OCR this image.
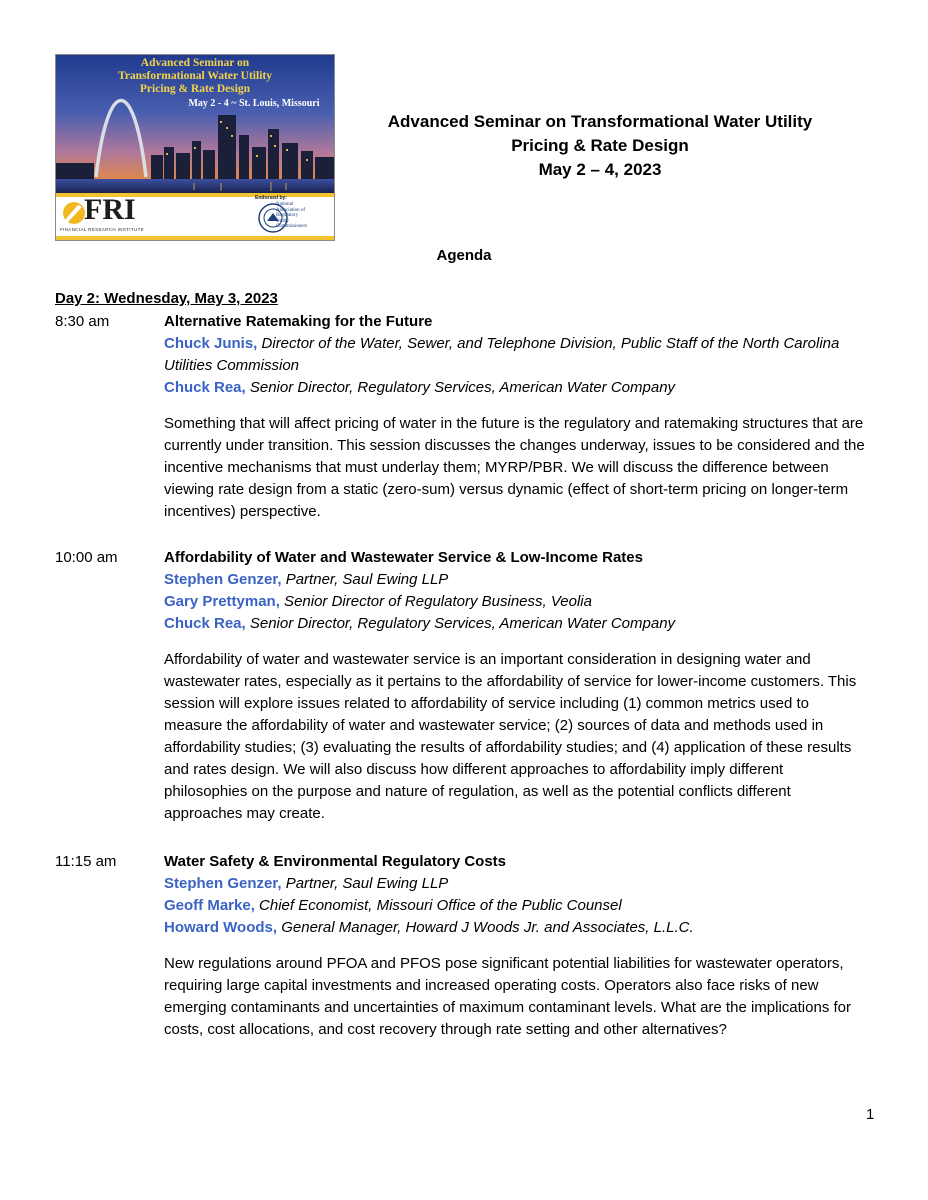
Advanced Seminar on
Transformational Water Utility
Pricing & Rate Design
May 2 - 4 ~ St. Louis, Missouri
FRI
FINANCIAL RESEARCH INSTITUTE
Endorsed by:
National
Association of
Regulatory
Utility
Commissioners
Advanced Seminar on Transformational Water Utility
Pricing & Rate Design
May 2 – 4, 2023
Agenda
Day 2: Wednesday, May 3, 2023
8:30 am	Alternative Ratemaking for the Future
Chuck Junis, Director of the Water, Sewer, and Telephone Division, Public Staff of the North Carolina Utilities Commission
Chuck Rea, Senior Director, Regulatory Services, American Water Company
Something that will affect pricing of water in the future is the regulatory and ratemaking structures that are currently under transition. This session discusses the changes underway, issues to be considered and the incentive mechanisms that must underlay them; MYRP/PBR. We will discuss the difference between viewing rate design from a static (zero-sum) versus dynamic (effect of short-term pricing on longer-term incentives) perspective.
10:00 am	Affordability of Water and Wastewater Service & Low-Income Rates
Stephen Genzer, Partner, Saul Ewing LLP
Gary Prettyman, Senior Director of Regulatory Business, Veolia
Chuck Rea, Senior Director, Regulatory Services, American Water Company
Affordability of water and wastewater service is an important consideration in designing water and wastewater rates, especially as it pertains to the affordability of service for lower-income customers. This session will explore issues related to affordability of service including (1) common metrics used to measure the affordability of water and wastewater service; (2) sources of data and methods used in affordability studies; (3) evaluating the results of affordability studies; and (4) application of these results and rates design. We will also discuss how different approaches to affordability imply different philosophies on the purpose and nature of regulation, as well as the potential conflicts different approaches may create.
11:15 am	Water Safety & Environmental Regulatory Costs
Stephen Genzer, Partner, Saul Ewing LLP
Geoff Marke, Chief Economist, Missouri Office of the Public Counsel
Howard Woods, General Manager, Howard J Woods Jr. and Associates, L.L.C.
New regulations around PFOA and PFOS pose significant potential liabilities for wastewater operators, requiring large capital investments and increased operating costs. Operators also face risks of new emerging contaminants and uncertainties of maximum contaminant levels. What are the implications for costs, cost allocations, and cost recovery through rate setting and other alternatives?
1
